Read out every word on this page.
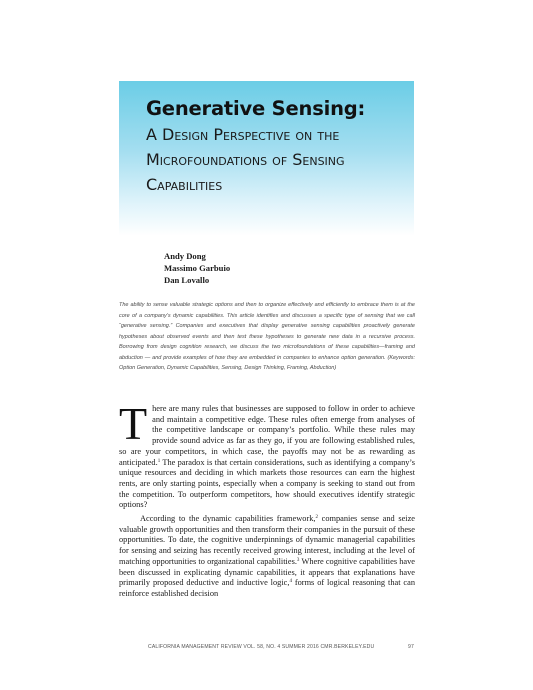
Generative Sensing:
A Design Perspective on the
Microfoundations of Sensing
Capabilities
Andy Dong
Massimo Garbuio
Dan Lovallo

The ability to sense valuable strategic options and then to organize effectively and efficiently to embrace them is at the core of a company’s dynamic capabilities. This article identifies and discusses a specific type of sensing that we call “generative sensing.” Companies and executives that display generative sensing capabilities proactively generate hypotheses about observed events and then test these hypotheses to generate new data in a recursive process. Borrowing from design cognition research, we discuss the two microfoundations of these capabilities—framing and abduction — and provide examples of how they are embedded in companies to enhance option generation. (Keywords: Option Generation, Dynamic Capabilities, Sensing, Design Thinking, Framing, Abduction)

There are many rules that businesses are supposed to follow in order to achieve and maintain a competitive edge. These rules often emerge from analyses of the competitive landscape or company’s portfolio. While these rules may provide sound advice as far as they go, if you are following established rules, so are your competitors, in which case, the payoffs may not be as rewarding as anticipated.$^1$ The paradox is that certain considerations, such as identifying a company’s unique resources and deciding in which markets those resources can earn the highest rents, are only starting points, especially when a company is seeking to stand out from the competition. To outperform competitors, how should executives identify strategic options?

According to the dynamic capabilities framework,$^2$ companies sense and seize valuable growth opportunities and then transform their companies in the pursuit of these opportunities. To date, the cognitive underpinnings of dynamic managerial capabilities for sensing and seizing has recently received growing interest, including at the level of matching opportunities to organizational capabilities.$^3$ Where cognitive capabilities have been discussed in explicating dynamic capabilities, it appears that explanations have primarily proposed deductive and inductive logic,$^4$ forms of logical reasoning that can reinforce established decision

CALIFORNIA MANAGEMENT REVIEW VOL. 58, NO. 4 SUMMER 2016 CMR.BERKELEY.EDU	97
